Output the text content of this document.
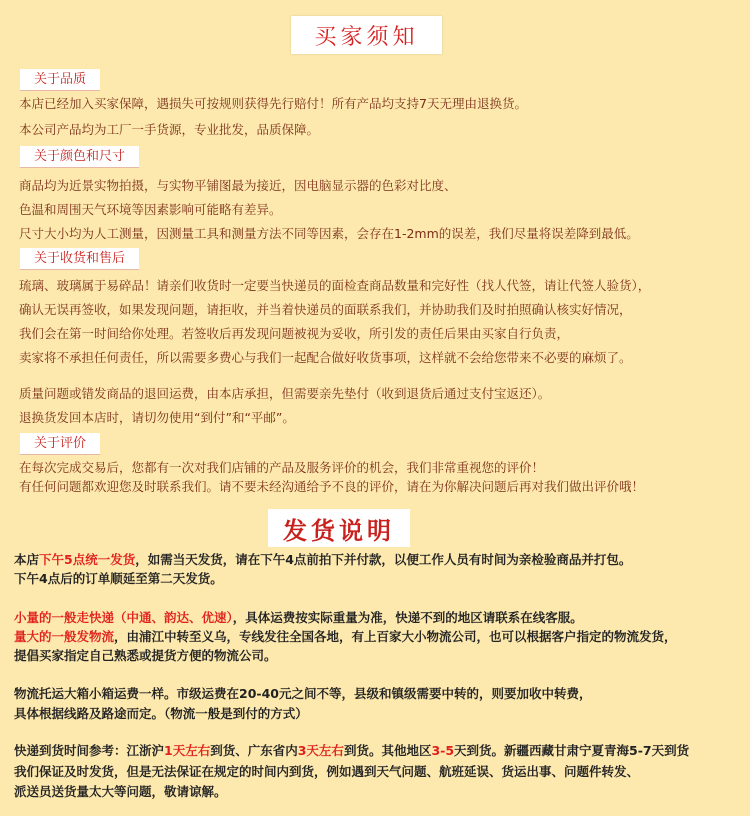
买家须知
关于品质
本店已经加入买家保障，遇损失可按规则获得先行赔付！所有产品均支持7天无理由退换货。
本公司产品均为工厂一手货源，专业批发，品质保障。
关于颜色和尺寸
商品均为近景实物拍摄，与实物平铺图最为接近，因电脑显示器的色彩对比度、
色温和周围天气环境等因素影响可能略有差异。
尺寸大小均为人工测量，因测量工具和测量方法不同等因素，会存在1-2mm的误差，我们尽量将误差降到最低。
关于收货和售后
琉璃、玻璃属于易碎品！请亲们收货时一定要当快递员的面检查商品数量和完好性（找人代签，请让代签人验货），
确认无误再签收，如果发现问题，请拒收，并当着快递员的面联系我们，并协助我们及时拍照确认核实好情况，
我们会在第一时间给你处理。若签收后再发现问题被视为妥收，所引发的责任后果由买家自行负责，
卖家将不承担任何责任，所以需要多费心与我们一起配合做好收货事项，这样就不会给您带来不必要的麻烦了。
质量问题或错发商品的退回运费，由本店承担，但需要亲先垫付（收到退货后通过支付宝返还）。
退换货发回本店时，请切勿使用“到付”和“平邮”。
关于评价
在每次完成交易后，您都有一次对我们店铺的产品及服务评价的机会，我们非常重视您的评价！
有任何问题都欢迎您及时联系我们。请不要未经沟通给予不良的评价，请在为你解决问题后再对我们做出评价哦！
发货说明
本店下午5点统一发货，如需当天发货，请在下午4点前拍下并付款，以便工作人员有时间为亲检验商品并打包。
下午4点后的订单顺延至第二天发货。
小量的一般走快递（中通、韵达、优速），具体运费按实际重量为准，快递不到的地区请联系在线客服。
量大的一般发物流，由浦江中转至义乌，专线发往全国各地，有上百家大小物流公司，也可以根据客户指定的物流发货，
提倡买家指定自己熟悉或提货方便的物流公司。
物流托运大箱小箱运费一样。市级运费在20-40元之间不等，县级和镇级需要中转的，则要加收中转费，
具体根据线路及路途而定。（物流一般是到付的方式）
快递到货时间参考：江浙沪1天左右到货、广东省内3天左右到货。其他地区3-5天到货。新疆西藏甘肃宁夏青海5-7天到货
我们保证及时发货，但是无法保证在规定的时间内到货，例如遇到天气问题、航班延误、货运出事、问题件转发、
派送员送货量太大等问题，敬请谅解。
